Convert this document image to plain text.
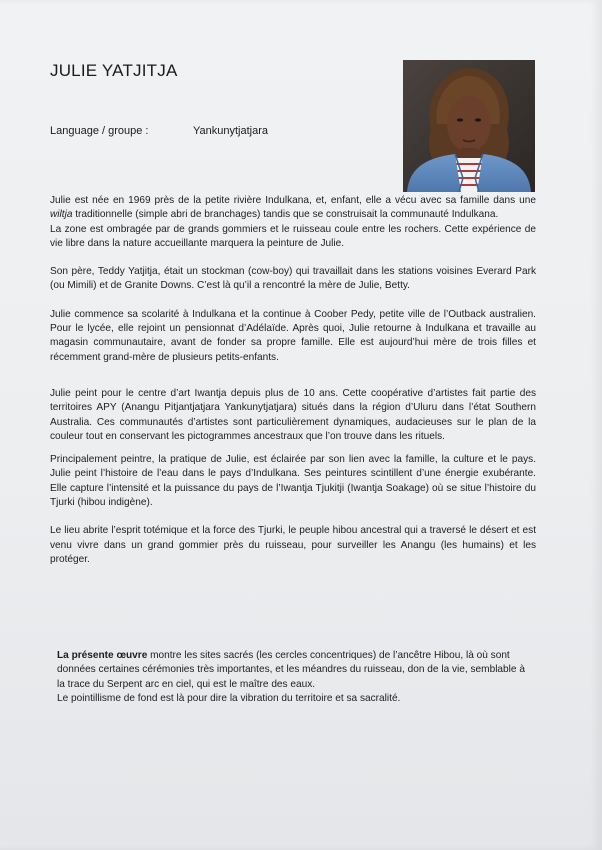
JULIE YATJITJA
Language / groupe :	Yankunytjatjara

Julie est née en 1969 près de la petite rivière Indulkana, et, enfant, elle a vécu avec sa famille dans une wiltja traditionnelle (simple abri de branchages) tandis que se construisait la communauté Indulkana.

La zone est ombragée par de grands gommiers et le ruisseau coule entre les rochers. Cette expérience de vie libre dans la nature accueillante marquera la peinture de Julie.

Son père, Teddy Yatjitja, était un stockman (cow-boy) qui travaillait dans les stations voisines Everard Park (ou Mimili) et de Granite Downs. C’est là qu’il a rencontré la mère de Julie, Betty.

Julie commence sa scolarité à Indulkana et la continue à Coober Pedy, petite ville de l’Outback australien. Pour le lycée, elle rejoint un pensionnat d’Adélaïde. Après quoi, Julie retourne à Indulkana et travaille au magasin communautaire, avant de fonder sa propre famille. Elle est aujourd’hui mère de trois filles et récemment grand-mère de plusieurs petits-enfants.

Julie peint pour le centre d’art Iwantja depuis plus de 10 ans. Cette coopérative d’artistes fait partie des territoires APY (Anangu Pitjantjatjara Yankunytjatjara) situés dans la région d’Uluru dans l’état Southern Australia. Ces communautés d’artistes sont particulièrement dynamiques, audacieuses sur le plan de la couleur tout en conservant les pictogrammes ancestraux que l’on trouve dans les rituels.

Principalement peintre, la pratique de Julie, est éclairée par son lien avec la famille, la culture et le pays. Julie peint l’histoire de l’eau dans le pays d’Indulkana. Ses peintures scintillent d’une énergie exubérante. Elle capture l’intensité et la puissance du pays de l’Iwantja Tjukitji (Iwantja Soakage) où se situe l’histoire du Tjurki (hibou indigène).

Le lieu abrite l’esprit totémique et la force des Tjurki, le peuple hibou ancestral qui a traversé le désert et est venu vivre dans un grand gommier près du ruisseau, pour surveiller les Anangu (les humains) et les protéger.

La présente œuvre montre les sites sacrés (les cercles concentriques) de l’ancêtre Hibou, là où sont données certaines cérémonies très importantes, et les méandres du ruisseau, don de la vie, semblable à la trace du Serpent arc en ciel, qui est le maître des eaux.

Le pointillisme de fond est là pour dire la vibration du territoire et sa sacralité.
